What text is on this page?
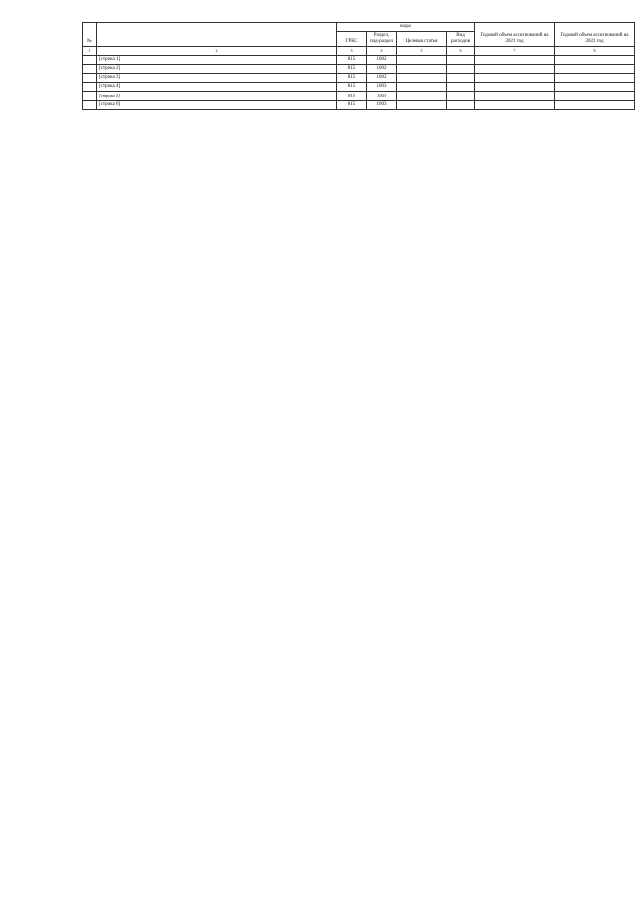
№		коды				Годовой объем ассигнований на 2021 год	Годовой объем ассигнований на 2022 год
		ГРБС	Раздел, под-раздел	Целевая статья	Вид расходов		
1	2	3	4	5	6	7	8
	[строка 1]	815	1002				
	[строка 2]	815	1002				
	[строка 3]	815	1002				
	[строка 4]	815	1003				
	[строка 5]	815	1003				
	[строка 6]	815	1003				
